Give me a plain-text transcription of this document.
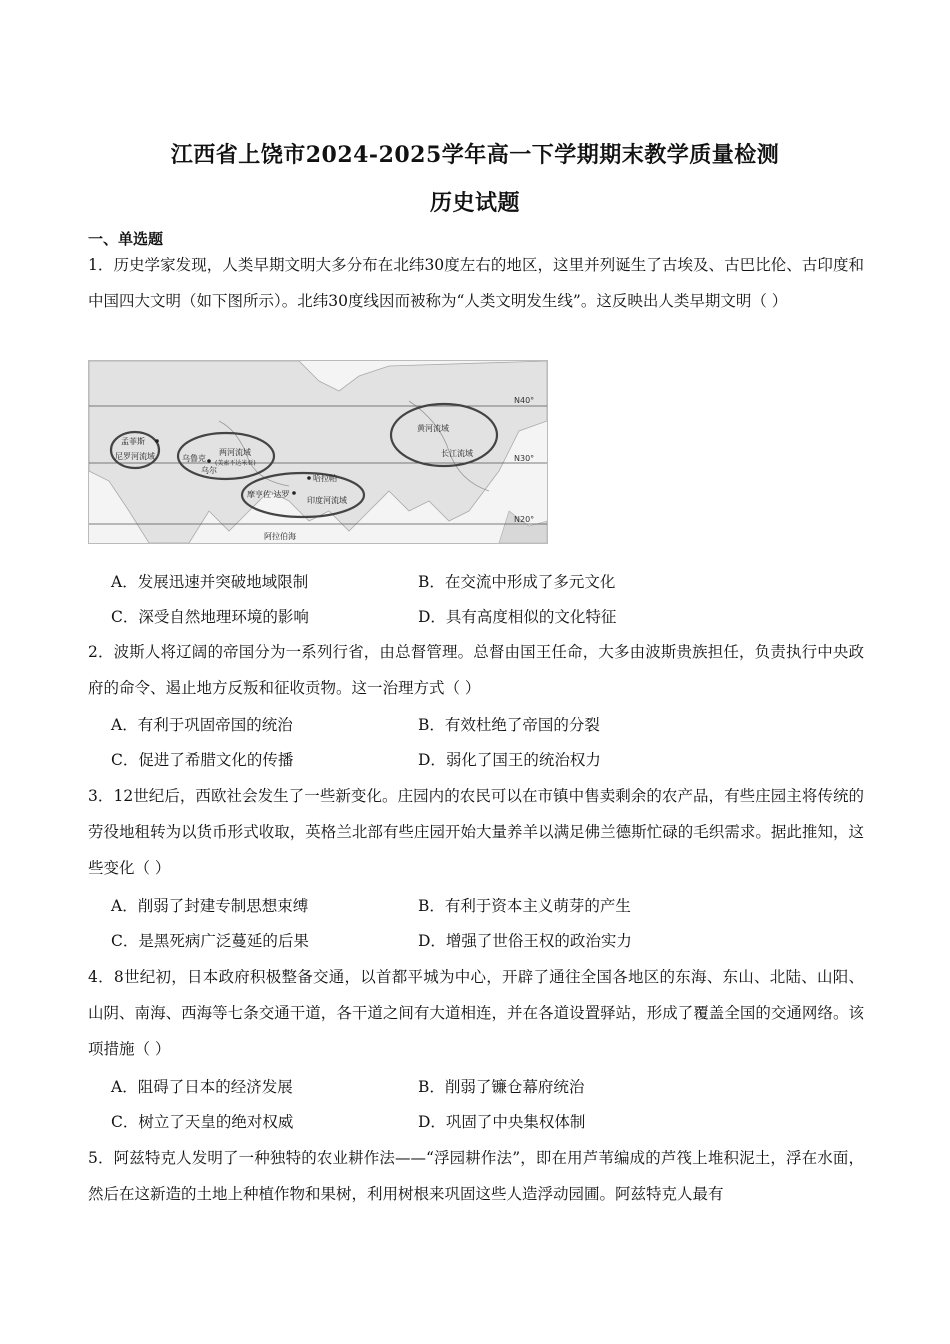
江西省上饶市2024-2025学年高一下学期期末教学质量检测
历史试题
一、单选题
1．历史学家发现，人类早期文明大多分布在北纬30度左右的地区，这里并列诞生了古埃及、古巴比伦、古印度和中国四大文明（如下图所示）。北纬30度线因而被称为“人类文明发生线”。这反映出人类早期文明（ ）
N40°
N30°
N20°
孟菲斯
尼罗河流域	乌鲁克
乌尔
两河流域
(美索不达米亚)
摩亨佐·达罗
哈拉帕
印度河流域
黄河流域
长江流域
阿拉伯海
A．发展迅速并突破地域限制	B．在交流中形成了多元文化
C．深受自然地理环境的影响	D．具有高度相似的文化特征
2．波斯人将辽阔的帝国分为一系列行省，由总督管理。总督由国王任命，大多由波斯贵族担任，负责执行中央政府的命令、遏止地方反叛和征收贡物。这一治理方式（ ）
A．有利于巩固帝国的统治	B．有效杜绝了帝国的分裂
C．促进了希腊文化的传播	D．弱化了国王的统治权力
3．12世纪后，西欧社会发生了一些新变化。庄园内的农民可以在市镇中售卖剩余的农产品，有些庄园主将传统的劳役地租转为以货币形式收取，英格兰北部有些庄园开始大量养羊以满足佛兰德斯忙碌的毛织需求。据此推知，这些变化（ ）
A．削弱了封建专制思想束缚	B．有利于资本主义萌芽的产生
C．是黑死病广泛蔓延的后果	D．增强了世俗王权的政治实力
4．8世纪初，日本政府积极整备交通，以首都平城为中心，开辟了通往全国各地区的东海、东山、北陆、山阳、山阴、南海、西海等七条交通干道，各干道之间有大道相连，并在各道设置驿站，形成了覆盖全国的交通网络。该项措施（ ）
A．阻碍了日本的经济发展	B．削弱了镰仓幕府统治
C．树立了天皇的绝对权威	D．巩固了中央集权体制
5．阿兹特克人发明了一种独特的农业耕作法——“浮园耕作法”，即在用芦苇编成的芦筏上堆积泥土，浮在水面，然后在这新造的土地上种植作物和果树，利用树根来巩固这些人造浮动园圃。阿兹特克人最有
